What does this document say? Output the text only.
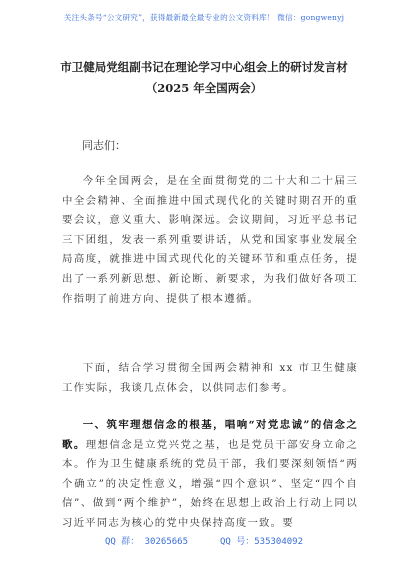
关注头条号“公文研究”，获得最新最全最专业的公文资料库！ 微信：gongwenyj
市卫健局党组副书记在理论学习中心组会上的研讨发言材
（2025 年全国两会）
同志们：
今年全国两会，是在全面贯彻党的二十大和二十届三中全会精神、全面推进中国式现代化的关键时期召开的重要会议，意义重大、影响深远。会议期间，习近平总书记三下团组，发表一系列重要讲话，从党和国家事业发展全局高度，就推进中国式现代化的关键环节和重点任务，提出了一系列新思想、新论断、新要求，为我们做好各项工作指明了前进方向、提供了根本遵循。
下面，结合学习贯彻全国两会精神和 xx 市卫生健康工作实际，我谈几点体会，以供同志们参考。
一、筑牢理想信念的根基，唱响“对党忠诚”的信念之歌。理想信念是立党兴党之基，也是党员干部安身立命之本。作为卫生健康系统的党员干部，我们要深刻领悟“两个确立”的决定性意义，增强“四个意识”、坚定“四个自信”、做到“两个维护”，始终在思想上政治上行动上同以习近平同志为核心的党中央保持高度一致。要
QQ 群： 30265665	QQ 号：535304092
